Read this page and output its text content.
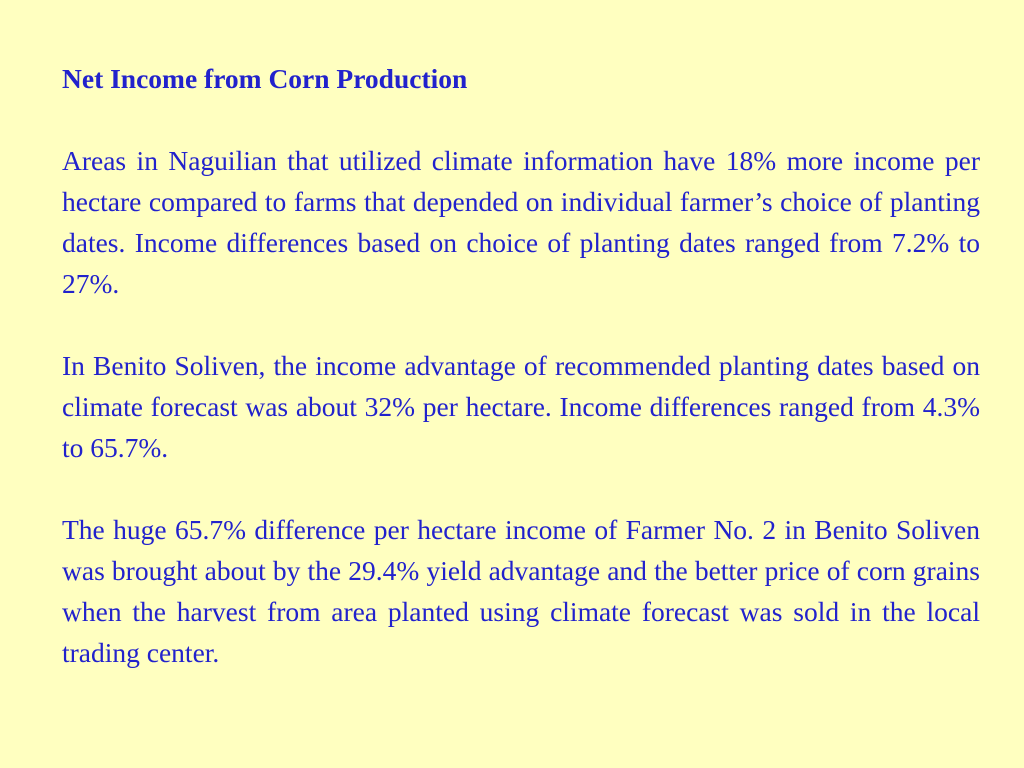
Net Income from Corn Production

Areas in Naguilian that utilized climate information have 18% more income per hectare compared to farms that depended on individual farmer’s choice of planting dates. Income differences based on choice of planting dates ranged from 7.2% to 27%.

In Benito Soliven, the income advantage of recommended planting dates based on climate forecast was about 32% per hectare. Income differences ranged from 4.3% to 65.7%.

The huge 65.7% difference per hectare income of Farmer No. 2 in Benito Soliven was brought about by the 29.4% yield advantage and the better price of corn grains when the harvest from area planted using climate forecast was sold in the local trading center.
